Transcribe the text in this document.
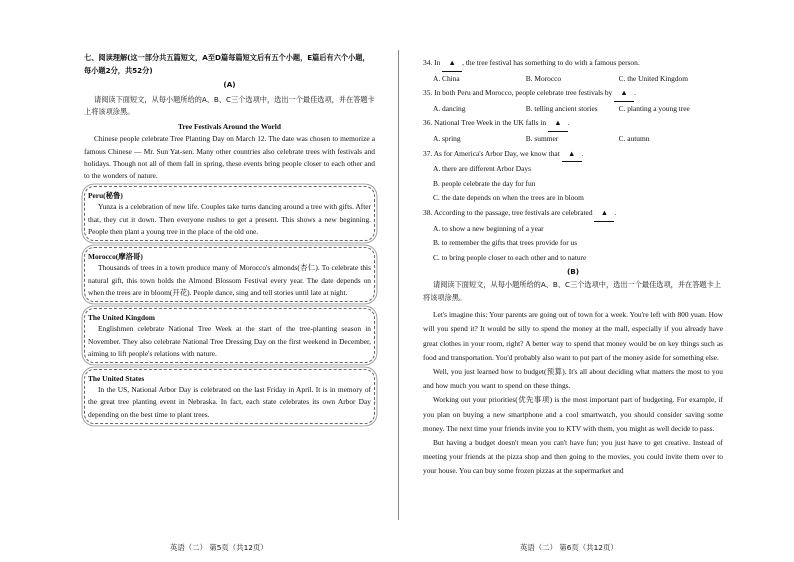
七、阅读理解(这一部分共五篇短文，A至D篇每篇短文后有五个小题，E篇后有六个小题，每小题2分，共52分)

(A)

请阅读下面短文，从每小题所给的A、B、C三个选项中，选出一个最佳选项，并在答题卡上将该项涂黑。

Tree Festivals Around the World

Chinese people celebrate Tree Planting Day on March 12. The date was chosen to memorize a famous Chinese — Mr. Sun Yat-sen. Many other countries also celebrate trees with festivals and holidays. Though not all of them fall in spring, these events bring people closer to each other and to the wonders of nature.

Peru(秘鲁)

Yunza is a celebration of new life. Couples take turns dancing around a tree with gifts. After that, they cut it down. Then everyone rushes to get a present. This shows a new beginning. People then plant a young tree in the place of the old one.

Morocco(摩洛哥)

Thousands of trees in a town produce many of Morocco's almonds(杏仁). To celebrate this natural gift, this town holds the Almond Blossom Festival every year. The date depends on when the trees are in bloom(开花). People dance, sing and tell stories until late at night.

The United Kingdom

Englishmen celebrate National Tree Week at the start of the tree-planting season in November. They also celebrate National Tree Dressing Day on the first weekend in December, aiming to lift people's relations with nature.

The United States

In the US, National Arbor Day is celebrated on the last Friday in April. It is in memory of the great tree planting event in Nebraska. In fact, each state celebrates its own Arbor Day depending on the best time to plant trees.

34. In ▲ , the tree festival has something to do with a famous person.

A. China	B. Morocco	C. the United Kingdom

35. In both Peru and Morocco, people celebrate tree festivals by ▲ .

A. dancing	B. telling ancient stories	C. planting a young tree

36. National Tree Week in the UK falls in ▲ .

A. spring	B. summer	C. autumn

37. As for America's Arbor Day, we know that ▲ .

A. there are different Arbor Days

B. people celebrate the day for fun

C. the date depends on when the trees are in bloom

38. According to the passage, tree festivals are celebrated ▲ .

A. to show a new beginning of a year

B. to remember the gifts that trees provide for us

C. to bring people closer to each other and to nature

(B)

请阅读下面短文，从每小题所给的A、B、C三个选项中，选出一个最佳选项，并在答题卡上将该项涂黑。

Let's imagine this: Your parents are going out of town for a week. You're left with 800 yuan. How will you spend it? It would be silly to spend the money at the mall, especially if you already have great clothes in your room, right? A better way to spend that money would be on key things such as food and transportation. You'd probably also want to put part of the money aside for something else.

Well, you just learned how to budget(预算). It's all about deciding what matters the most to you and how much you want to spend on these things.

Working out your priorities(优先事项) is the most important part of budgeting. For example, if you plan on buying a new smartphone and a cool smartwatch, you should consider saving some money. The next time your friends invite you to KTV with them, you might as well decide to pass.

But having a budget doesn't mean you can't have fun; you just have to get creative. Instead of meeting your friends at the pizza shop and then going to the movies, you could invite them over to your house. You can buy some frozen pizzas at the supermarket and

英语（二） 第5页（共12页）	英语（二） 第6页（共12页）
